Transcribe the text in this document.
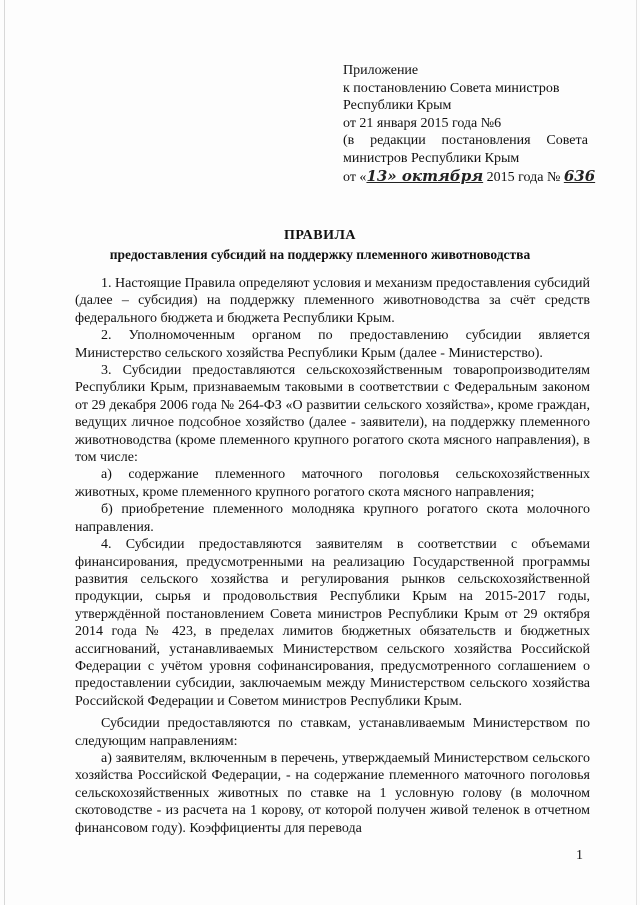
Приложение
к постановлению Совета министров
Республики Крым
от 21 января 2015 года №6
(в редакции постановления Совета
министров Республики Крым
от «13» октября 2015 года № 636
ПРАВИЛА
предоставления субсидий на поддержку племенного животноводства

1. Настоящие Правила определяют условия и механизм предоставления субсидий (далее – субсидия) на поддержку племенного животноводства за счёт средств федерального бюджета и бюджета Республики Крым.

2. Уполномоченным органом по предоставлению субсидии является Министерство сельского хозяйства Республики Крым (далее - Министерство).

3. Субсидии предоставляются сельскохозяйственным товаропроизводителям Республики Крым, признаваемым таковыми в соответствии с Федеральным законом от 29 декабря 2006 года № 264-ФЗ «О развитии сельского хозяйства», кроме граждан, ведущих личное подсобное хозяйство (далее - заявители), на поддержку племенного животноводства (кроме племенного крупного рогатого скота мясного направления), в том числе:

а) содержание племенного маточного поголовья сельскохозяйственных животных, кроме племенного крупного рогатого скота мясного направления;

б) приобретение племенного молодняка крупного рогатого скота молочного направления.

4. Субсидии предоставляются заявителям в соответствии с объемами финансирования, предусмотренными на реализацию Государственной программы развития сельского хозяйства и регулирования рынков сельскохозяйственной продукции, сырья и продовольствия Республики Крым на 2015-2017 годы, утверждённой постановлением Совета министров Республики Крым от 29 октября 2014 года № 423, в пределах лимитов бюджетных обязательств и бюджетных ассигнований, устанавливаемых Министерством сельского хозяйства Российской Федерации с учётом уровня софинансирования, предусмотренного соглашением о предоставлении субсидии, заключаемым между Министерством сельского хозяйства Российской Федерации и Советом министров Республики Крым.

Субсидии предоставляются по ставкам, устанавливаемым Министерством по следующим направлениям:

а) заявителям, включенным в перечень, утверждаемый Министерством сельского хозяйства Российской Федерации, - на содержание племенного маточного поголовья сельскохозяйственных животных по ставке на 1 условную голову (в молочном скотоводстве - из расчета на 1 корову, от которой получен живой теленок в отчетном финансовом году). Коэффициенты для перевода

1
